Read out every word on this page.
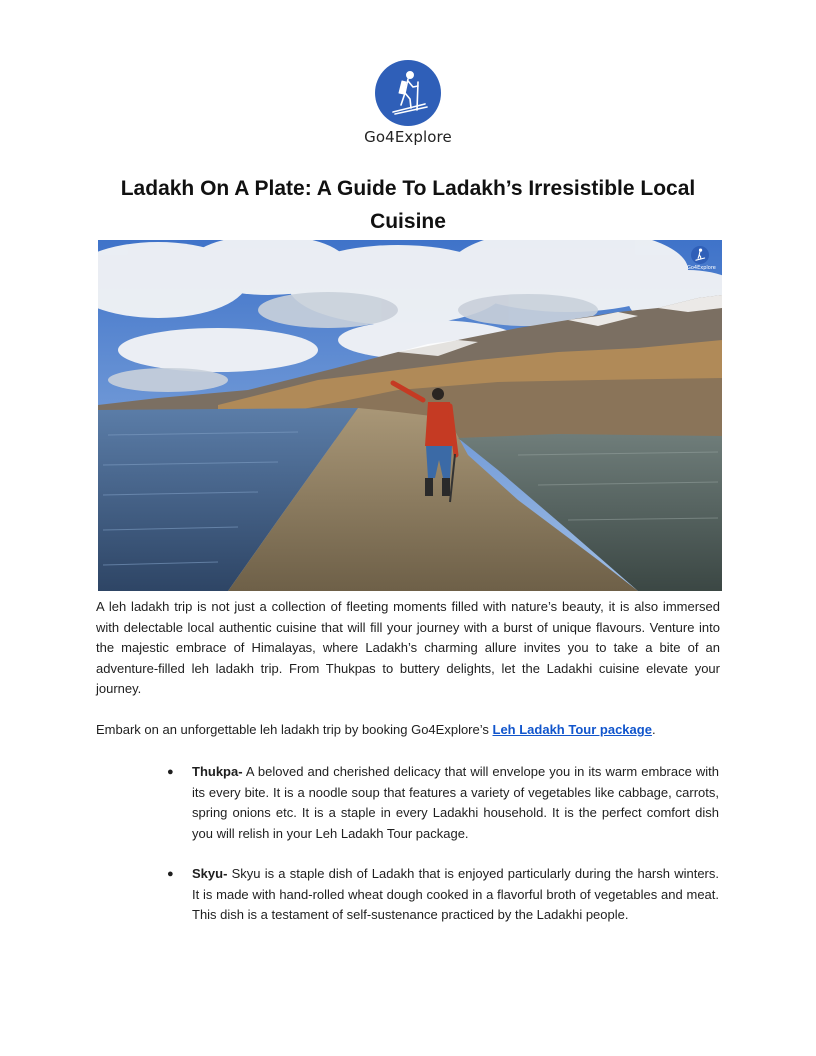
Go4Explore
Ladakh On A Plate: A Guide To Ladakh’s Irresistible Local Cuisine
Go4Explore

A leh ladakh trip is not just a collection of fleeting moments filled with nature’s beauty, it is also immersed with delectable local authentic cuisine that will fill your journey with a burst of unique flavours. Venture into the majestic embrace of Himalayas, where Ladakh’s charming allure invites you to take a bite of an adventure-filled leh ladakh trip. From Thukpas to buttery delights, let the Ladakhi cuisine elevate your journey.

Embark on an unforgettable leh ladakh trip by booking Go4Explore’s Leh Ladakh Tour package.

● Thukpa- A beloved and cherished delicacy that will envelope you in its warm embrace with its every bite. It is a noodle soup that features a variety of vegetables like cabbage, carrots, spring onions etc. It is a staple in every Ladakhi household. It is the perfect comfort dish you will relish in your Leh Ladakh Tour package.
● Skyu- Skyu is a staple dish of Ladakh that is enjoyed particularly during the harsh winters. It is made with hand-rolled wheat dough cooked in a flavorful broth of vegetables and meat. This dish is a testament of self-sustenance practiced by the Ladakhi people.
